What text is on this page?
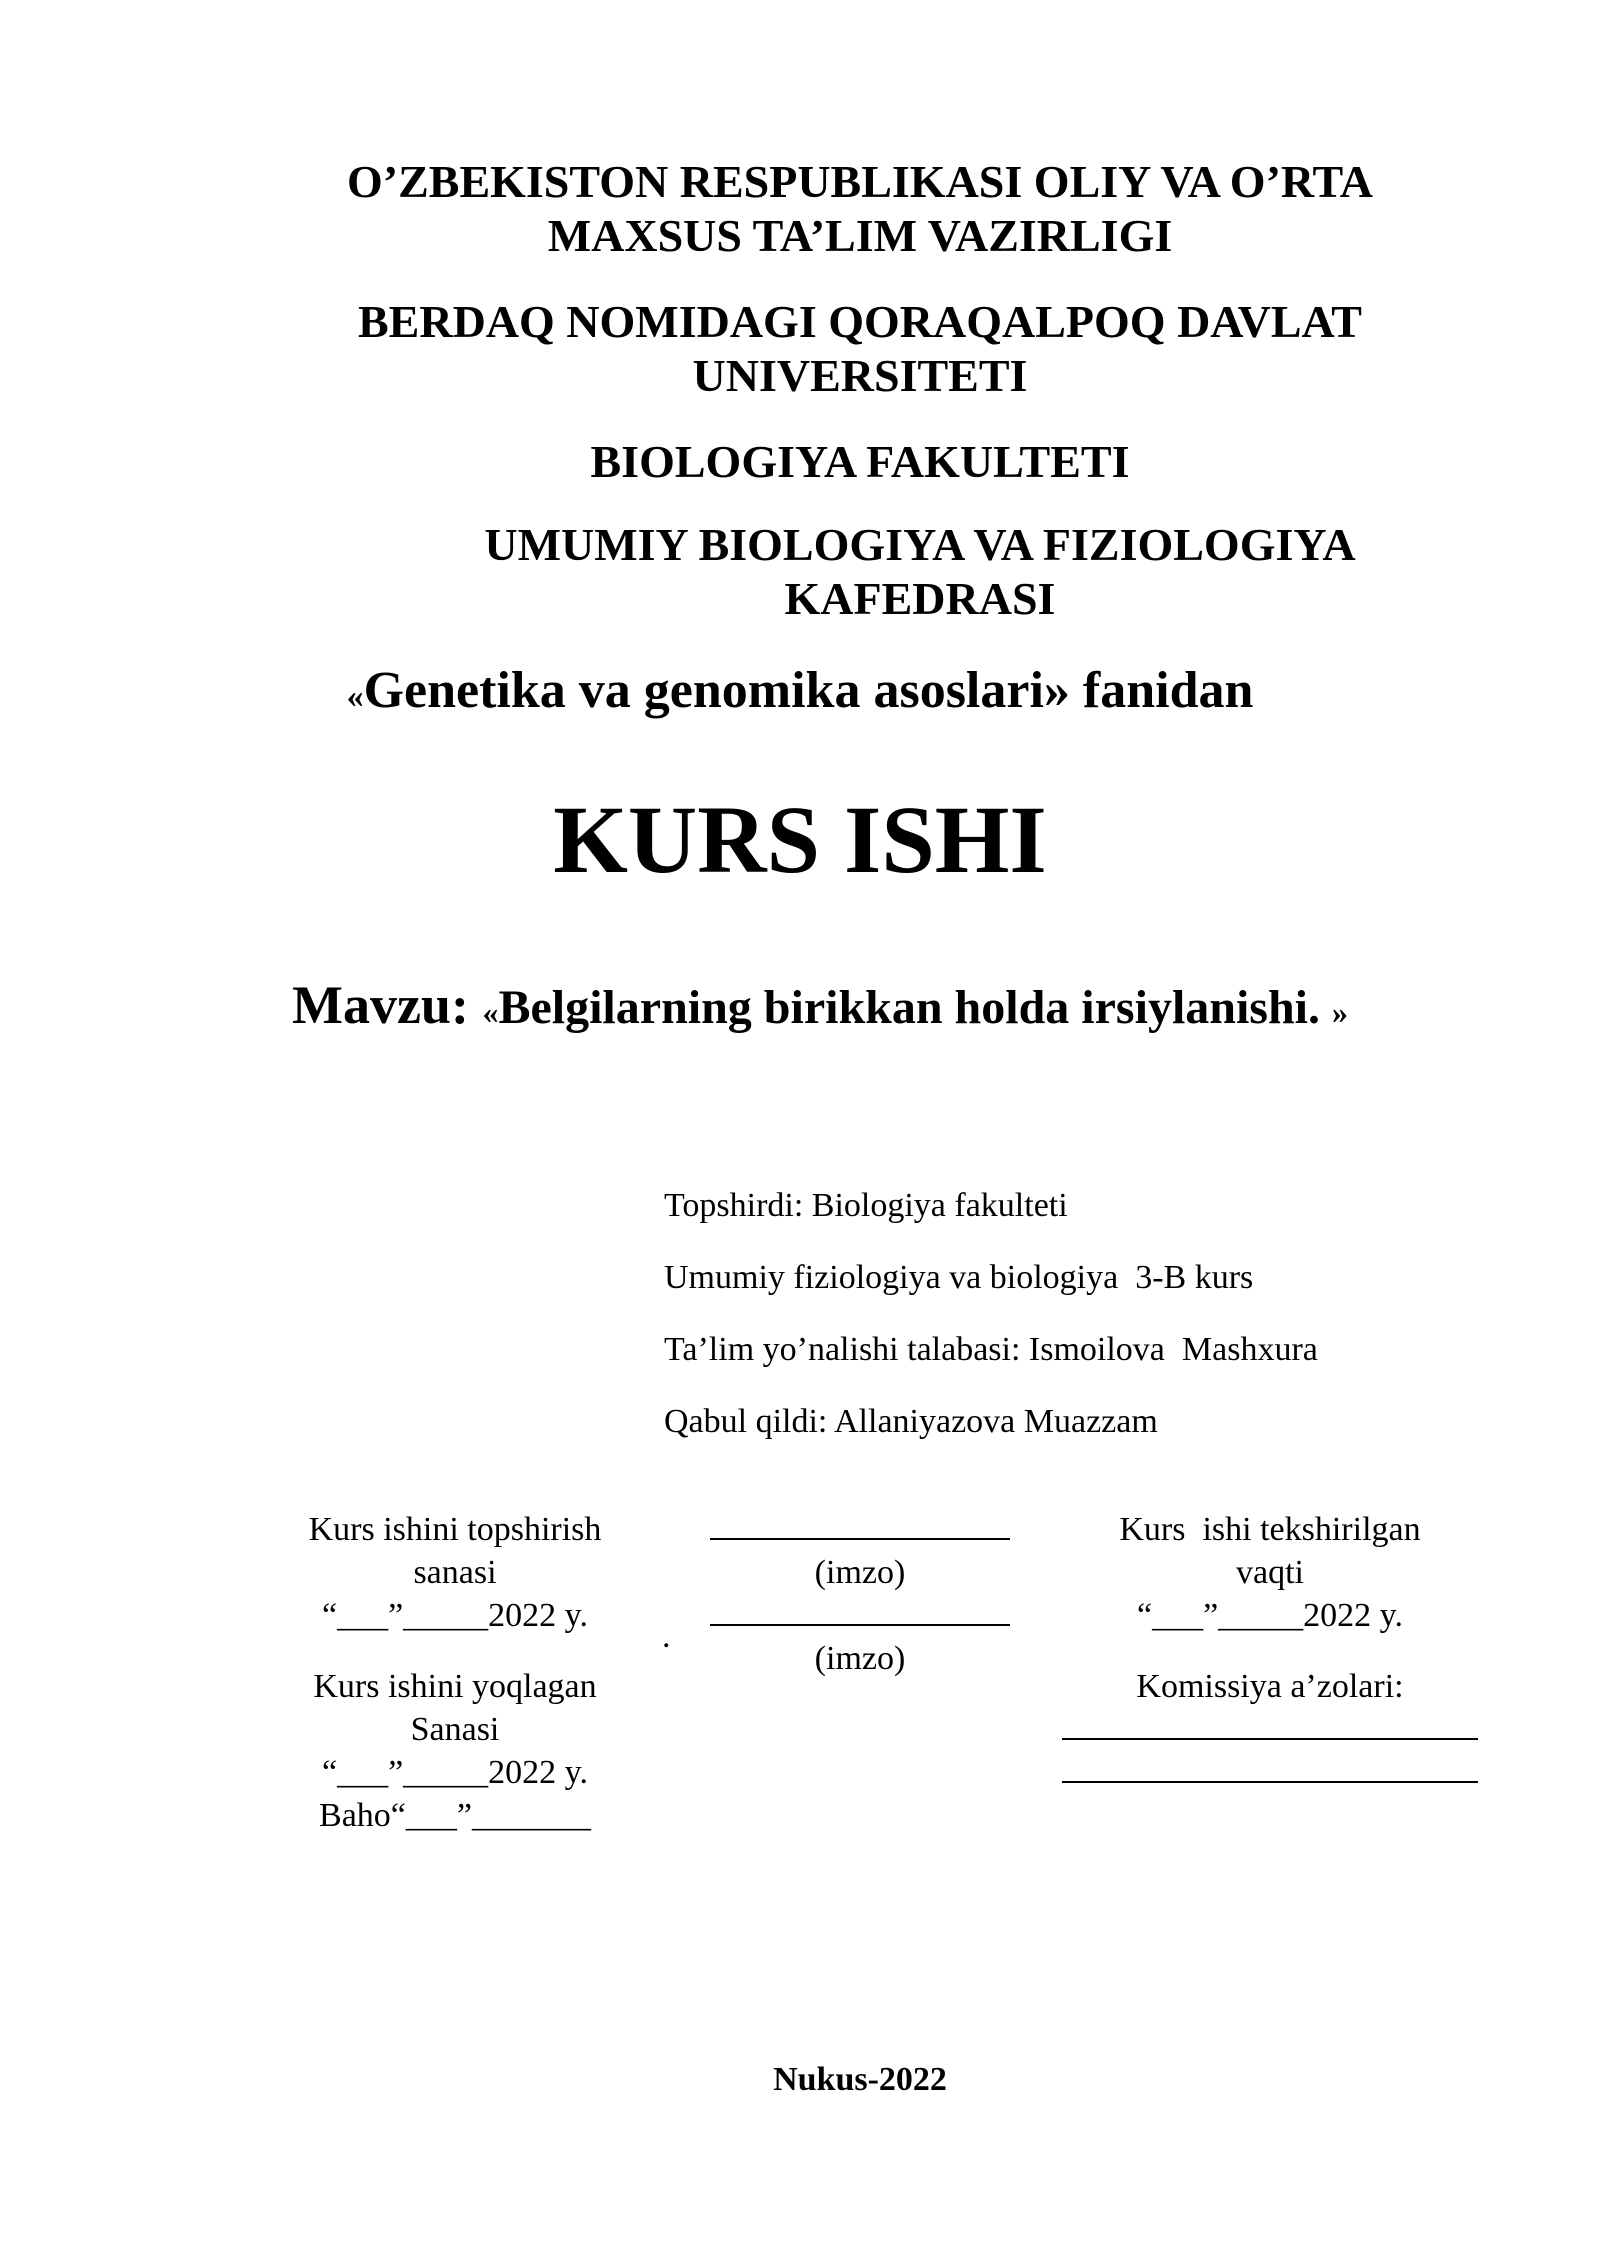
O’ZBEKISTON RESPUBLIKASI OLIY VA O’RTA
MAXSUS TA’LIM VAZIRLIGI
BERDAQ NOMIDAGI QORAQALPOQ DAVLAT
UNIVERSITETI
BIOLOGIYA FAKULTETI
UMUMIY BIOLOGIYA VA FIZIOLOGIYA
KAFEDRASI
«Genetika va genomika asoslari» fanidan
KURS ISHI
Mavzu: «Belgilarning birikkan holda irsiylanishi. »
Topshirdi: Biologiya fakulteti
Umumiy fiziologiya va biologiya  3-B kurs
Ta’lim yo’nalishi talabasi: Ismoilova  Mashxura
Qabul qildi: Allaniyazova Muazzam
Kurs ishini topshirish
sanasi
“___”_____2022 y.
Kurs ishini yoqlagan
Sanasi
“___”_____2022 y.
Baho“___”_______
.
(imzo)
(imzo)
Kurs  ishi tekshirilgan
vaqti
“___”_____2022 y.
Komissiya a’zolari:
Nukus-2022
